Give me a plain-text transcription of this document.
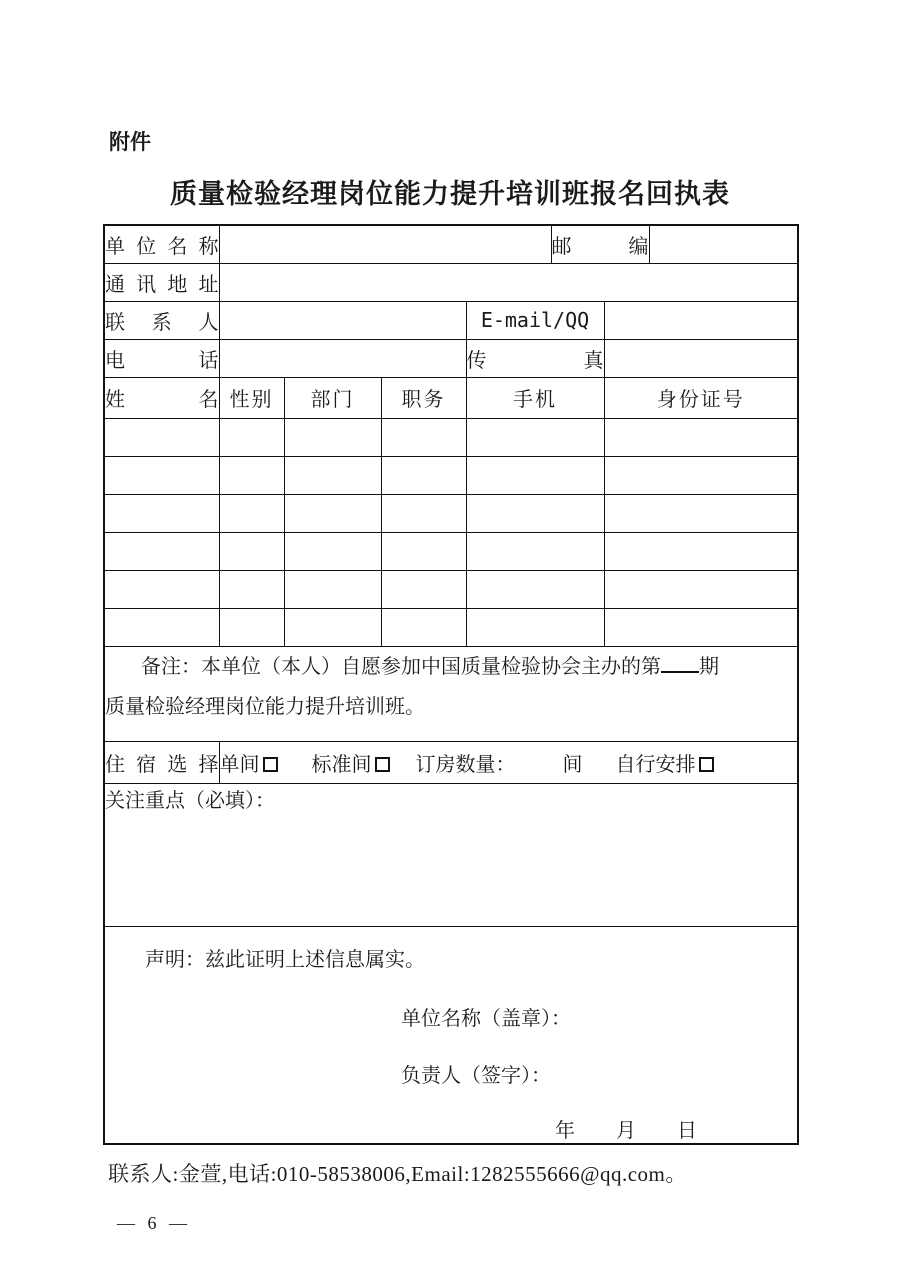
附件
质量检验经理岗位能力提升培训班报名回执表
单位名称					邮编		
通讯地址							
联系人				E-mail/QQ			
电话				传真			
姓名	性别	部门	职务	手机		身份证号	

备注：本单位（本人）自愿参加中国质量检验协会主办的第 期

质量检验经理岗位能力提升培训班。							

住宿选择	单间 标准间 订房数量： 间 自行安排						
关注重点（必填）：							

声明：兹此证明上述信息属实。

单位名称（盖章）：

负责人（签字）：

年 月 日							
联系人:金萱,电话:010-58538006,Email:1282555666@qq.com。
— 6 —
